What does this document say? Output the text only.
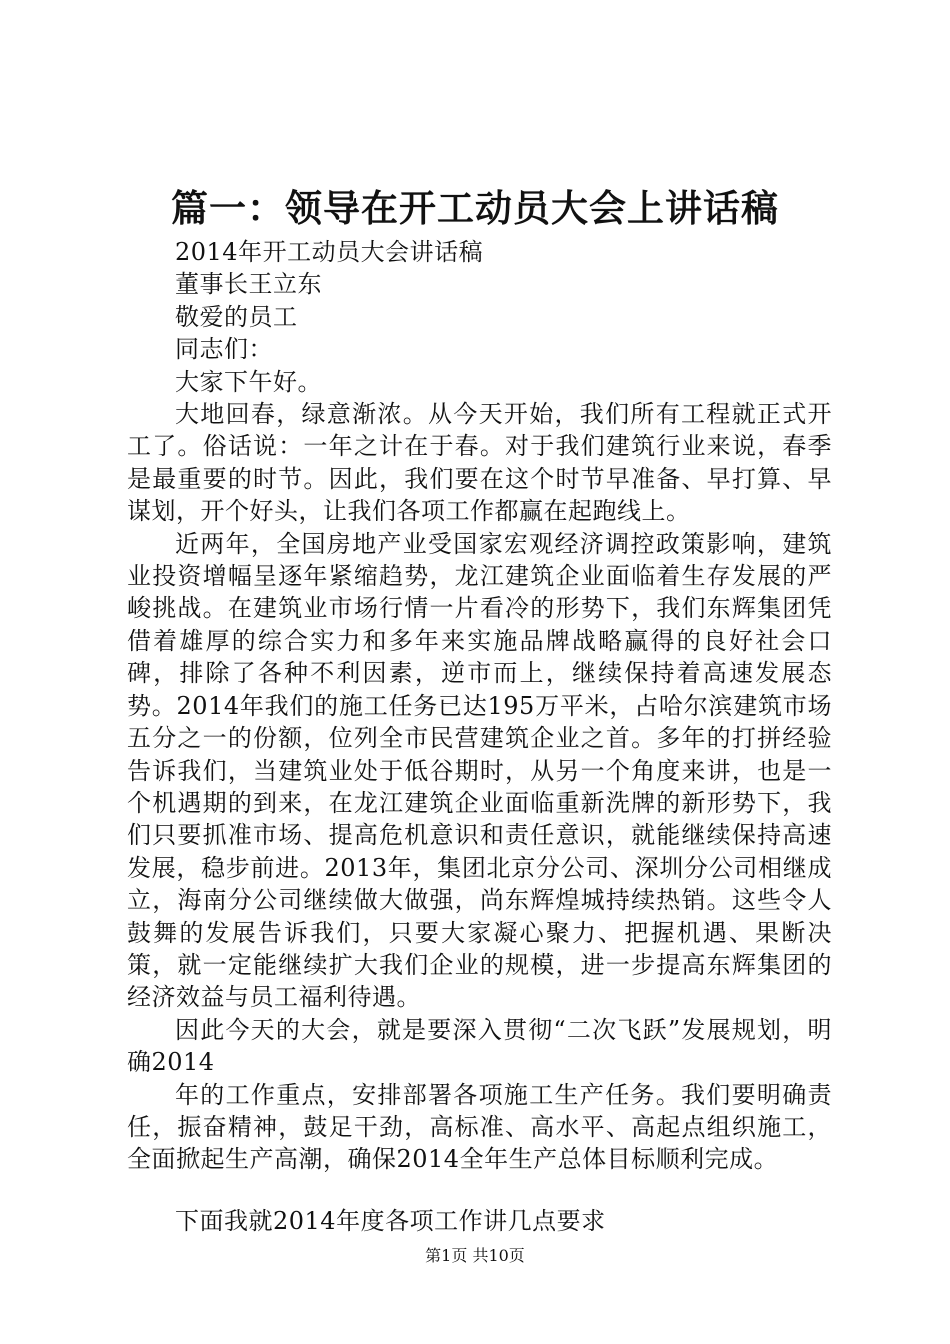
篇一：领导在开工动员大会上讲话稿

2014年开工动员大会讲话稿

董事长王立东

敬爱的员工

同志们：

大家下午好。

大地回春，绿意渐浓。从今天开始，我们所有工程就正式开工了。俗话说：一年之计在于春。对于我们建筑行业来说，春季是最重要的时节。因此，我们要在这个时节早准备、早打算、早谋划，开个好头，让我们各项工作都赢在起跑线上。

近两年，全国房地产业受国家宏观经济调控政策影响，建筑业投资增幅呈逐年紧缩趋势，龙江建筑企业面临着生存发展的严峻挑战。在建筑业市场行情一片看冷的形势下，我们东辉集团凭借着雄厚的综合实力和多年来实施品牌战略赢得的良好社会口碑，排除了各种不利因素，逆市而上，继续保持着高速发展态势。2014年我们的施工任务已达195万平米，占哈尔滨建筑市场五分之一的份额，位列全市民营建筑企业之首。多年的打拼经验告诉我们，当建筑业处于低谷期时，从另一个角度来讲，也是一个机遇期的到来，在龙江建筑企业面临重新洗牌的新形势下，我们只要抓准市场、提高危机意识和责任意识，就能继续保持高速发展，稳步前进。2013年，集团北京分公司、深圳分公司相继成立，海南分公司继续做大做强，尚东辉煌城持续热销。这些令人鼓舞的发展告诉我们，只要大家凝心聚力、把握机遇、果断决策，就一定能继续扩大我们企业的规模，进一步提高东辉集团的经济效益与员工福利待遇。

因此今天的大会，就是要深入贯彻“二次飞跃”发展规划，明确2014

年的工作重点，安排部署各项施工生产任务。我们要明确责任，振奋精神，鼓足干劲，高标准、高水平、高起点组织施工，全面掀起生产高潮，确保2014全年生产总体目标顺利完成。

下面我就2014年度各项工作讲几点要求

第1页 共10页
